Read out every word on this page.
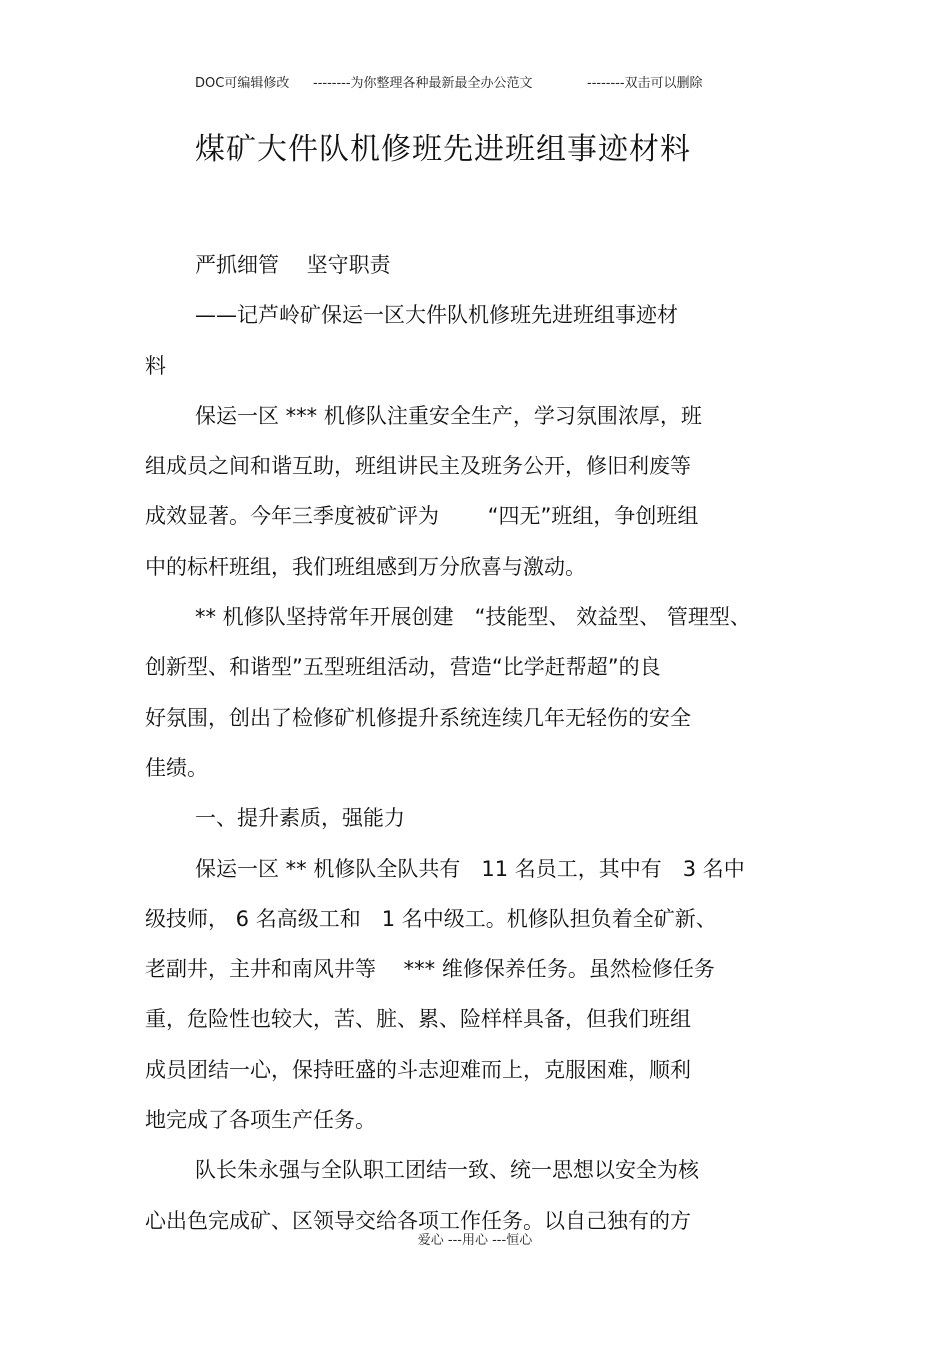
DOC可编辑修改 --------为你整理各种最新最全办公范文	--------双击可以删除
煤矿大件队机修班先进班组事迹材料
严抓细管　 坚守职责
——记芦岭矿保运一区大件队机修班先进班组事迹材
料
保运一区 *** 机修队注重安全生产，学习氛围浓厚，班
组成员之间和谐互助，班组讲民主及班务公开，修旧利废等
成效显著。今年三季度被矿评为　　 “四无”班组，争创班组
中的标杆班组，我们班组感到万分欣喜与激动。
** 机修队坚持常年开展创建　“技能型、 效益型、 管理型、
创新型、和谐型”五型班组活动，营造“比学赶帮超”的良
好氛围，创出了检修矿机修提升系统连续几年无轻伤的安全
佳绩。
一、提升素质，强能力
保运一区 ** 机修队全队共有　11 名员工，其中有　3 名中
级技师， 6 名高级工和　1 名中级工。机修队担负着全矿新、
老副井，主井和南风井等　 *** 维修保养任务。虽然检修任务
重，危险性也较大，苦、脏、累、险样样具备，但我们班组
成员团结一心，保持旺盛的斗志迎难而上，克服困难，顺利
地完成了各项生产任务。
队长朱永强与全队职工团结一致、统一思想以安全为核
心出色完成矿、区领导交给各项工作任务。以自己独有的方
爱心 ---用心 ---恒心
